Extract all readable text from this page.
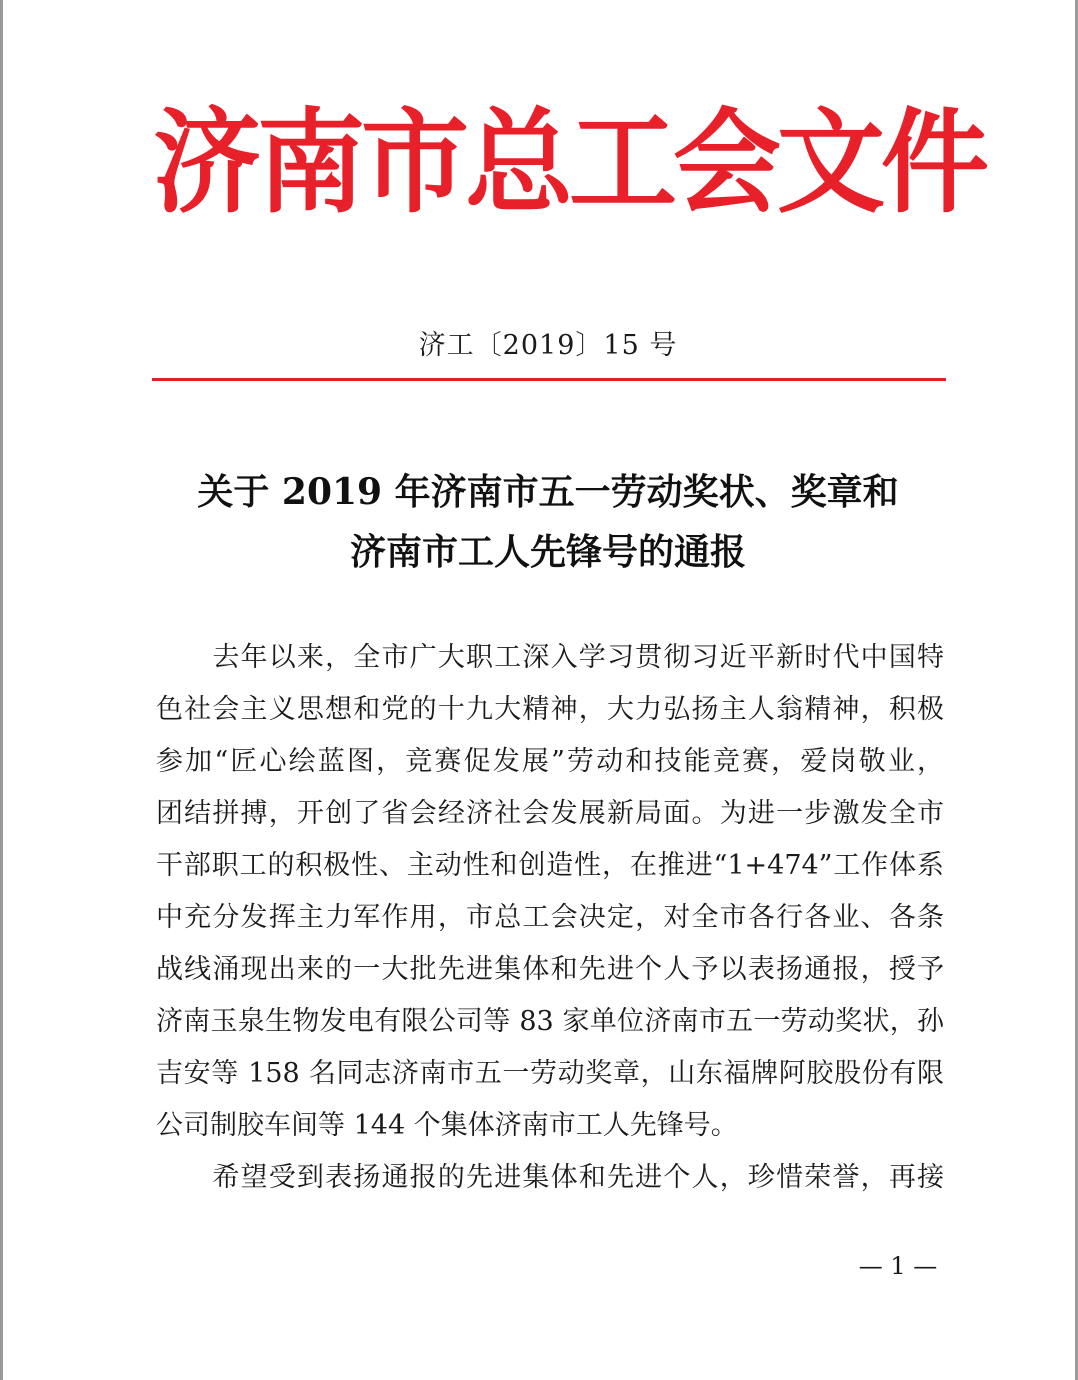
济南市总工会文件
济工〔2019〕15 号
关于 2019 年济南市五一劳动奖状、奖章和
济南市工人先锋号的通报
　　去年以来，全市广大职工深入学习贯彻习近平新时代中国特
色社会主义思想和党的十九大精神，大力弘扬主人翁精神，积极
参加“匠心绘蓝图，竞赛促发展”劳动和技能竞赛，爱岗敬业，
团结拼搏，开创了省会经济社会发展新局面。为进一步激发全市
干部职工的积极性、主动性和创造性，在推进“1+474”工作体系
中充分发挥主力军作用，市总工会决定，对全市各行各业、各条
战线涌现出来的一大批先进集体和先进个人予以表扬通报，授予
济南玉泉生物发电有限公司等 83 家单位济南市五一劳动奖状，孙
吉安等 158 名同志济南市五一劳动奖章，山东福牌阿胶股份有限
公司制胶车间等 144 个集体济南市工人先锋号。
　　希望受到表扬通报的先进集体和先进个人，珍惜荣誉，再接
— 1 —
